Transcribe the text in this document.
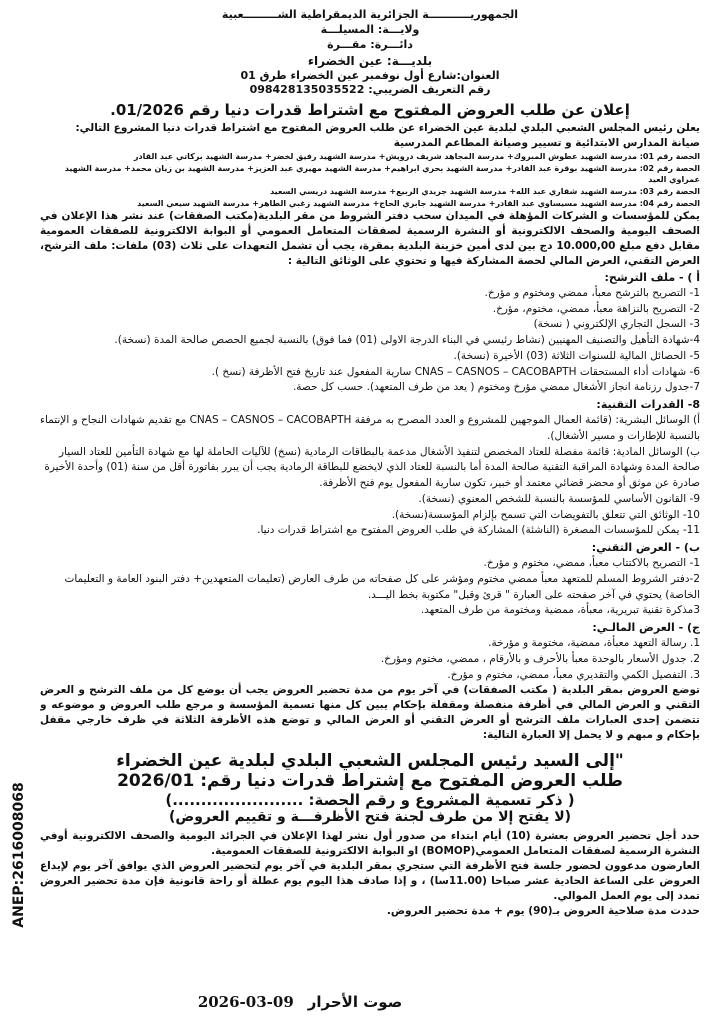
ANEP:2616008068
الجمهوريـــــــــــة الجزائرية الديمقراطية الشـــــــــعبية
ولايـــة: المسيلـــة
دائـــرة: مقـــرة
بلديـــة: عين الخضراء
العنوان:شارع أول نوفمبر عين الخضراء طرق 01
رقم التعريف الضريبي: 098428135035522
إعلان عن طلب العروض المفتوح مع اشتراط قدرات دنيا رقم 01/2026.

يعلن رئيس المجلس الشعبي البلدي لبلدية عين الخضراء عن طلب العروض المفتوح مع اشتراط قدرات دنيا المشروع التالي:

صيانة المدارس الابتدائية و تسيير وصيانة المطاعم المدرسية

الحصة رقم 01: مدرسة الشهيد عطوش المبروك+ مدرسة المجاهد شريف درويش+ مدرسة الشهيد رفيق لخضر+ مدرسة الشهيد بركاتي عبد القادر
الحصة رقم 02: مدرسة الشهيد بوقرة عبد القادر+ مدرسة الشهيد بحري ابراهيم+ مدرسة الشهيد مهيري عبد العزيز+ مدرسة الشهيد بن زيان محمد+ مدرسة الشهيد عمراوي العيد
الحصة رقم 03: مدرسة الشهيد شقاري عبد الله+ مدرسة الشهيد جريدي الربيع+ مدرسة الشهيد دريسي السعيد
الحصة رقم 04: مدرسة الشهيد مسيساوي عبد القادر+ مدرسة الشهيد جابري الحاج+ مدرسة الشهيد زغبي الطاهر+ مدرسة الشهيد سيعي السعيد

يمكن للمؤسسات و الشركات المؤهلة في الميدان سحب دفتر الشروط من مقر البلدية(مكتب الصفقات) عند نشر هذا الإعلان في الصحف اليومية والصحف الالكترونية أو النشرة الرسمية لصفقات المتعامل العمومي أو البوابة الالكترونية للصفقات العمومية مقابل دفع مبلغ 10.000,00 دج بين لدى أمين خزينة البلدية بمقرة، يجب أن تشمل التعهدات على ثلاث (03) ملفات: ملف الترشح، العرض التقني، العرض المالي لحصة المشاركة فيها و تحتوي على الوثائق التالية :

أ ) - ملف الترشح:
1- التصريح بالترشح معبأ، ممضي ومختوم و مؤرخ.
2- التصريح بالنزاهة معبأ، ممضي، مختوم، مؤرخ.
3- السجل التجاري الإلكتروني ( نسخة)
4-شهادة التأهيل والتصنيف المهنيين (نشاط رئيسي في البناء الدرجة الاولى (01) فما فوق) بالنسبة لجميع الحصص صالحة المدة (نسخة).
5- الحصائل المالية للسنوات الثلاثة (03) الأخيرة (نسخة).
6- شهادات أداء المستحقات CNAS – CASNOS – CACOBAPTH سارية المفعول عند تاريخ فتح الأظرفة (نسخ ).
7-جدول رزنامة انجاز الأشغال ممضي مؤرخ ومختوم ( يعد من طرف المتعهد). حسب كل حصة.
8- القدرات التقنية:
أ) الوسائل البشرية: (قائمة العمال الموجهين للمشروع و العدد المصرح به مرفقة CNAS – CASNOS – CACOBAPTH مع تقديم شهادات النجاح و الإنتماء بالنسبة للإطارات و مسير الأشغال).
ب) الوسائل المادية: قائمة مفصلة للعتاد المخصص لتنفيذ الأشغال مدعمة بالبطاقات الرمادية (نسخ) للآليات الحاملة لها مع شهادة التأمين للعتاد السيار صالحة المدة وشهادة المراقبة التقنية صالحة المدة أما بالنسبة للعتاد الذي لايخضع للبطاقة الرمادية يجب أن يبرر بفاتورة أقل من سنة (01) وأحدة الأخيرة صادرة عن موثق أو محضر قضائي معتمد أو خبير، تكون سارية المفعول يوم فتح الأظرفة.
9- القانون الأساسي للمؤسسة بالنسبة للشخص المعنوي (نسخة).
10- الوثائق التي تتعلق بالتفويضات التي تسمح بإلزام المؤسسة(نسخة).
11- يمكن للمؤسسات المصغرة (الناشئة) المشاركة في طلب العروض المفتوح مع اشتراط قدرات دنيا.
ب) - العرض التقني:
1- التصريح بالاكتتاب معبأ، ممضي، مختوم و مؤرخ.
2-دفتر الشروط المسلم للمتعهد معبأ ممضي مختوم ومؤشر على كل صفحاته من طرف العارض (تعليمات المتعهدين+ دفتر البنود العامة و التعليمات الخاصة) يحتوي في آخر صفحته على العبارة " قرئ وقبل" مكتوبة بخط اليـــد.
3مذكرة تقنية تبريرية، معبأة، ممضية ومختومة من طرف المتعهد.
ج) - العرض المالـي:
1. رسالة التعهد معبأة، ممضية، مختومة و مؤرخة.
2. جدول الأسعار بالوحدة معبأ بالأحرف و بالأرقام ، ممضي، مختوم ومؤرخ.
3. التفصيل الكمي والتقديري معبأ، ممضي، مختوم و مؤرخ.

توضع العروض بمقر البلدية ( مكتب الصفقات) في آخر يوم من مدة تحضير العروض يجب أن يوضع كل من ملف الترشح و العرض التقني و العرض المالي في أظرفة منفصلة ومقفلة بإحكام يبين كل منها تسمية المؤسسة و مرجع طلب العروض و موضوعه و تتضمن إحدى العبارات ملف الترشح أو العرض التقني أو العرض المالي و توضع هذه الأظرفة الثلاثة في ظرف خارجي مقفل بإحكام و مبهم و لا يحمل إلا العبارة التالية:

"إلى السيد رئيس المجلس الشعبي البلدي لبلدية عين الخضراء
طلب العروض المفتوح مع إشتراط قدرات دنيا رقم: 2026/01
( ذكر تسمية المشروع و رقم الحصة: .......................)
(لا يفتح إلا من طرف لجنة فتح الأظرفـــة و تقييم العروض)

حدد أجل تحضير العروض بعشرة (10) أيام ابتداء من صدور أول نشر لهذا الإعلان في الجرائد اليومية والصحف الالكترونية أوفي النشرة الرسمية لصفقات المتعامل العمومي(BOMOP) او البوابة الالكترونية للصفقات العمومية.

العارضون مدعوون لحضور جلسة فتح الأظرفة التي ستجري بمقر البلدية في آخر يوم لتحضير العروض الذي يوافق آخر يوم لإيداع العروض على الساعة الحادية عشر صباحا (11.00سا) ، و إذا صادف هذا اليوم يوم عطلة أو راحة قانونية فإن مدة تحضير العروض تمدد إلى يوم العمل الموالي.

حددت مدة صلاحية العروض بـ(90) يوم + مدة تحضير العروض.

صوت الأحرار
2026-03-09
